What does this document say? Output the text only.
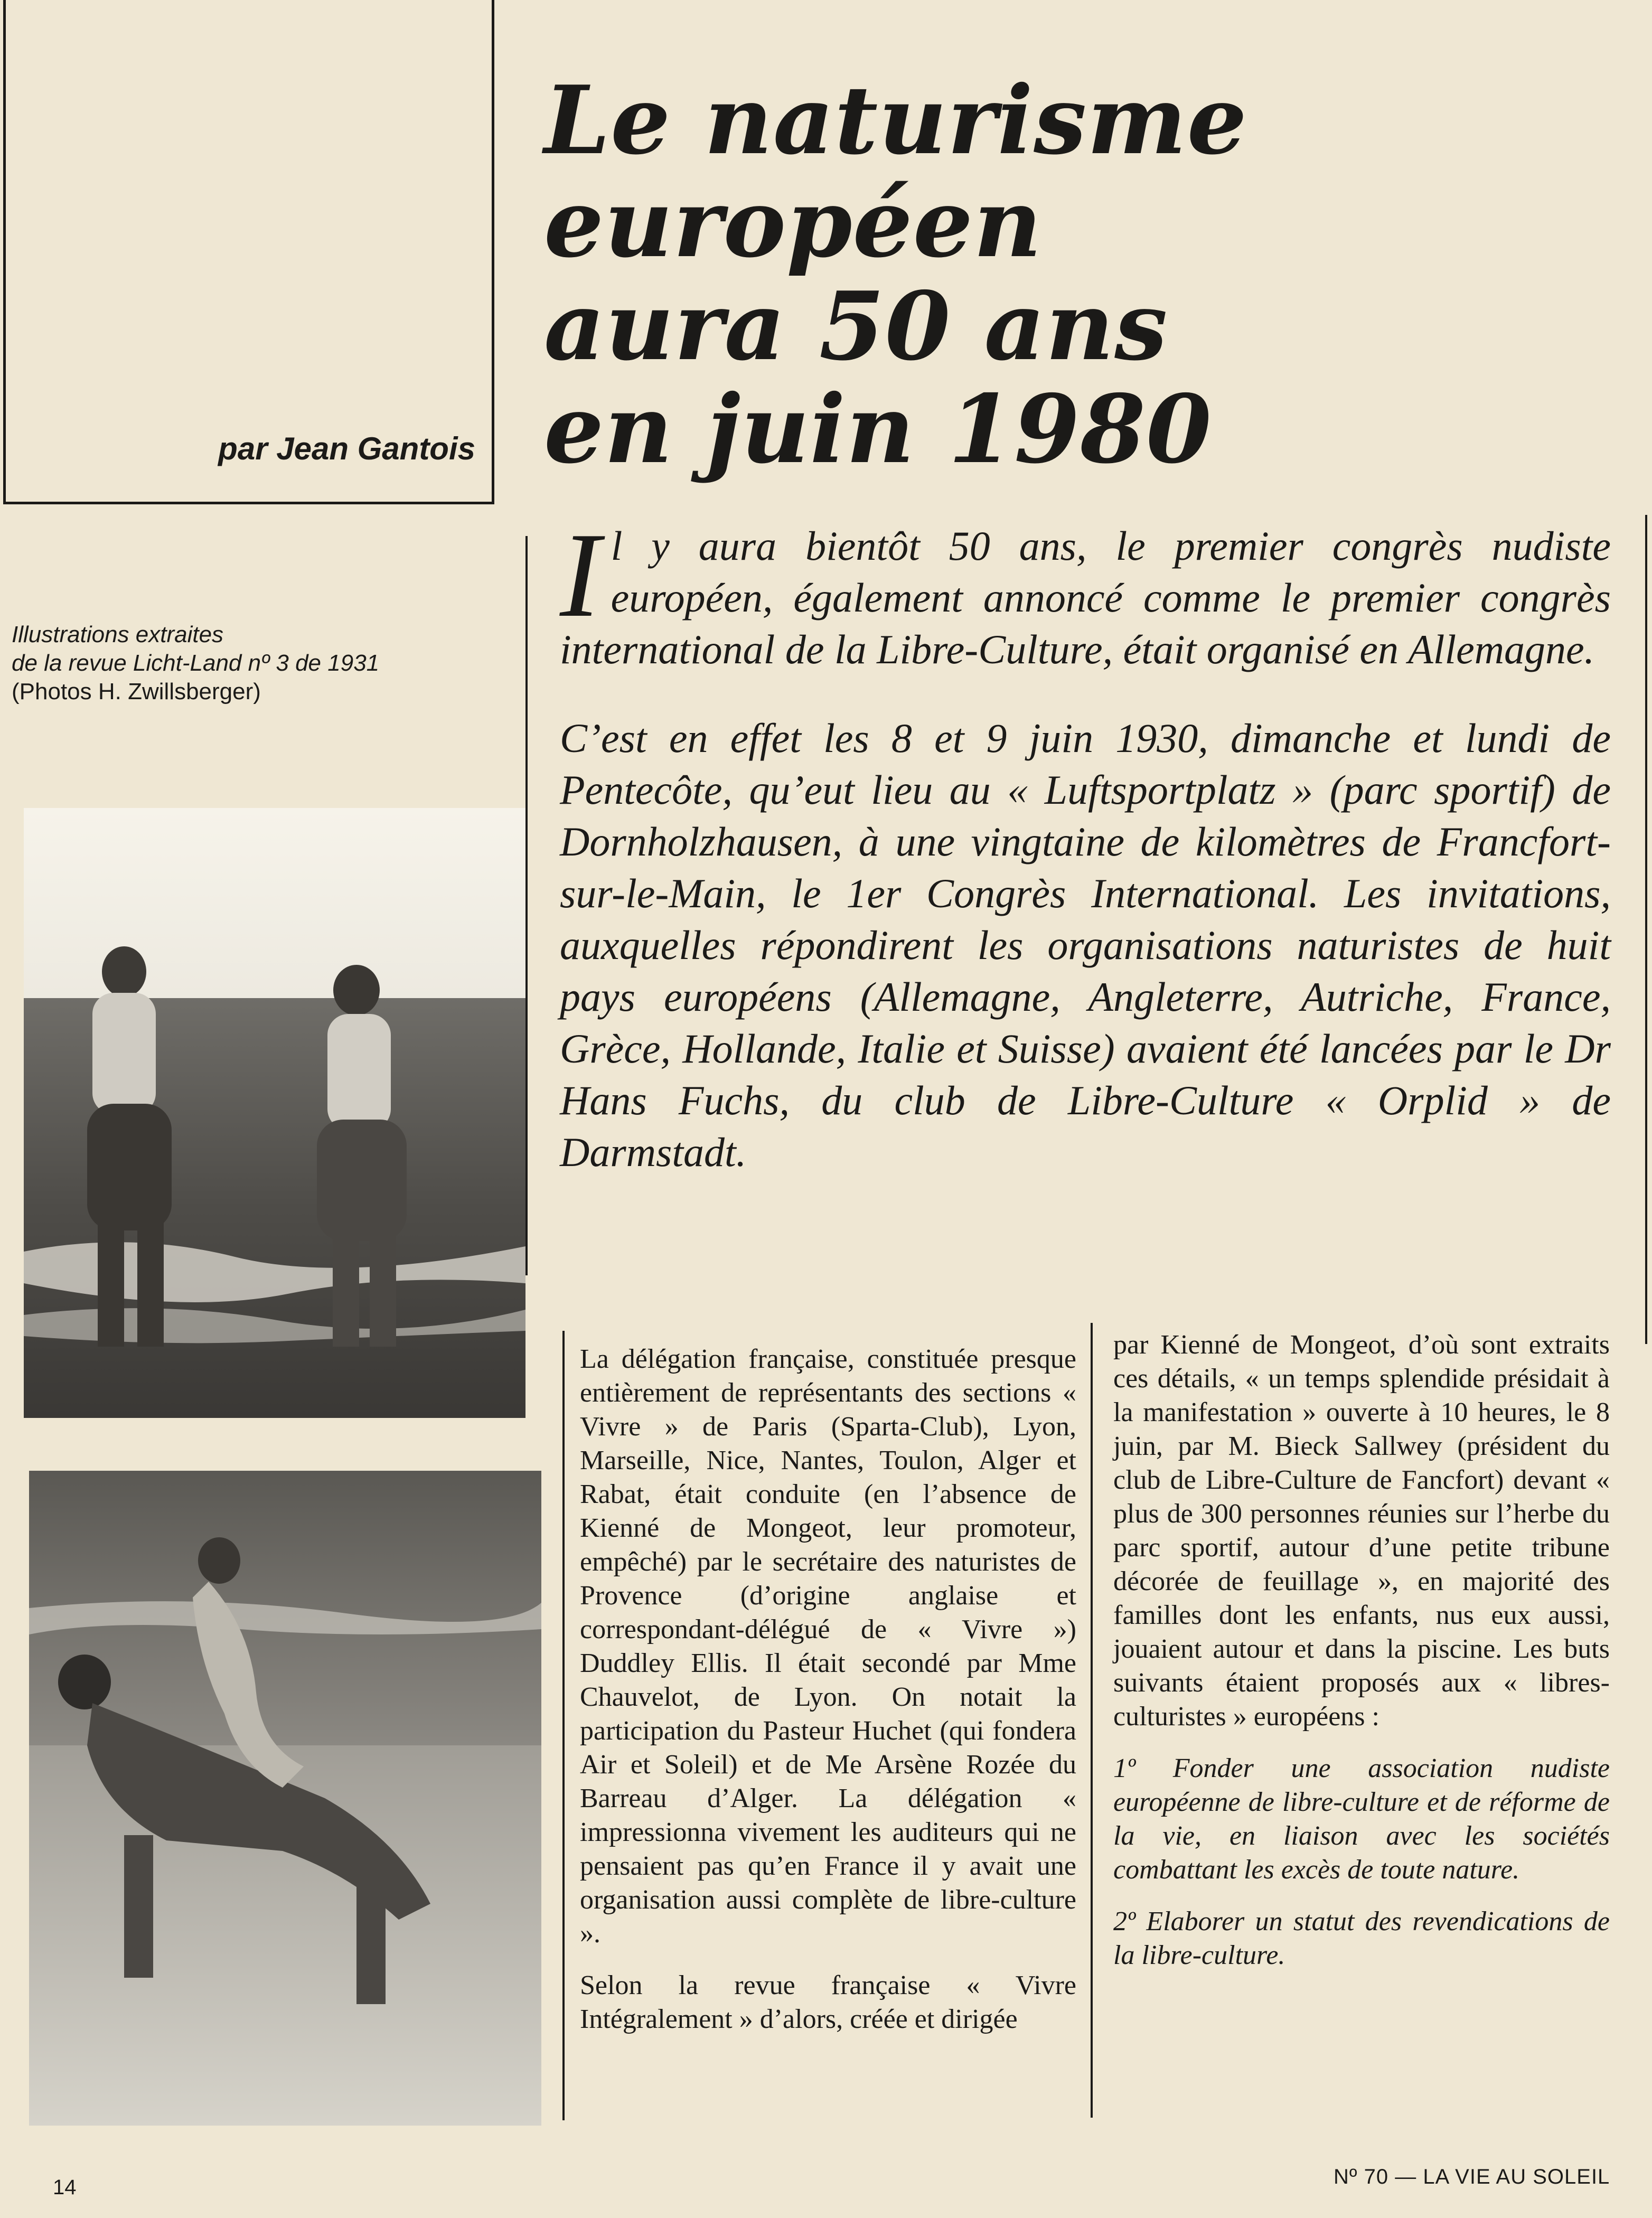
par Jean Gantois
Le naturisme
européen
aura 50 ans
en juin 1980
Illustrations extraites
de la revue Licht-Land nº 3 de 1931
(Photos H. Zwillsberger)

Il y aura bientôt 50 ans, le premier congrès nudiste européen, également annoncé comme le premier congrès international de la Libre-Culture, était organisé en Allemagne.

C’est en effet les 8 et 9 juin 1930, dimanche et lundi de Pentecôte, qu’eut lieu au « Luftsportplatz » (parc sportif) de Dornholzhausen, à une vingtaine de kilomètres de Francfort-sur-le-Main, le 1er Congrès International. Les invitations, auxquelles répondirent les organisations naturistes de huit pays européens (Allemagne, Angleterre, Autriche, France, Grèce, Hollande, Italie et Suisse) avaient été lancées par le Dr Hans Fuchs, du club de Libre-Culture « Orplid » de Darmstadt.

La délégation française, constituée presque entièrement de représentants des sections « Vivre » de Paris (Sparta-Club), Lyon, Marseille, Nice, Nantes, Toulon, Alger et Rabat, était conduite (en l’absence de Kienné de Mongeot, leur promoteur, empêché) par le secrétaire des naturistes de Provence (d’origine anglaise et correspondant-délégué de « Vivre ») Duddley Ellis. Il était secondé par Mme Chauvelot, de Lyon. On notait la participation du Pasteur Huchet (qui fondera Air et Soleil) et de Me Arsène Rozée du Barreau d’Alger. La délégation « impressionna vivement les auditeurs qui ne pensaient pas qu’en France il y avait une organisation aussi complète de libre-culture ».

Selon la revue française « Vivre Intégralement » d’alors, créée et dirigée

par Kienné de Mongeot, d’où sont extraits ces détails, « un temps splendide présidait à la manifestation » ouverte à 10 heures, le 8 juin, par M. Bieck Sallwey (président du club de Libre-Culture de Fancfort) devant « plus de 300 personnes réunies sur l’herbe du parc sportif, autour d’une petite tribune décorée de feuillage », en majorité des familles dont les enfants, nus eux aussi, jouaient autour et dans la piscine. Les buts suivants étaient proposés aux « libres-culturistes » européens :

1º Fonder une association nudiste européenne de libre-culture et de réforme de la vie, en liaison avec les sociétés combattant les excès de toute nature.

2º Elaborer un statut des revendications de la libre-culture.

14	Nº 70 — LA VIE AU SOLEIL
